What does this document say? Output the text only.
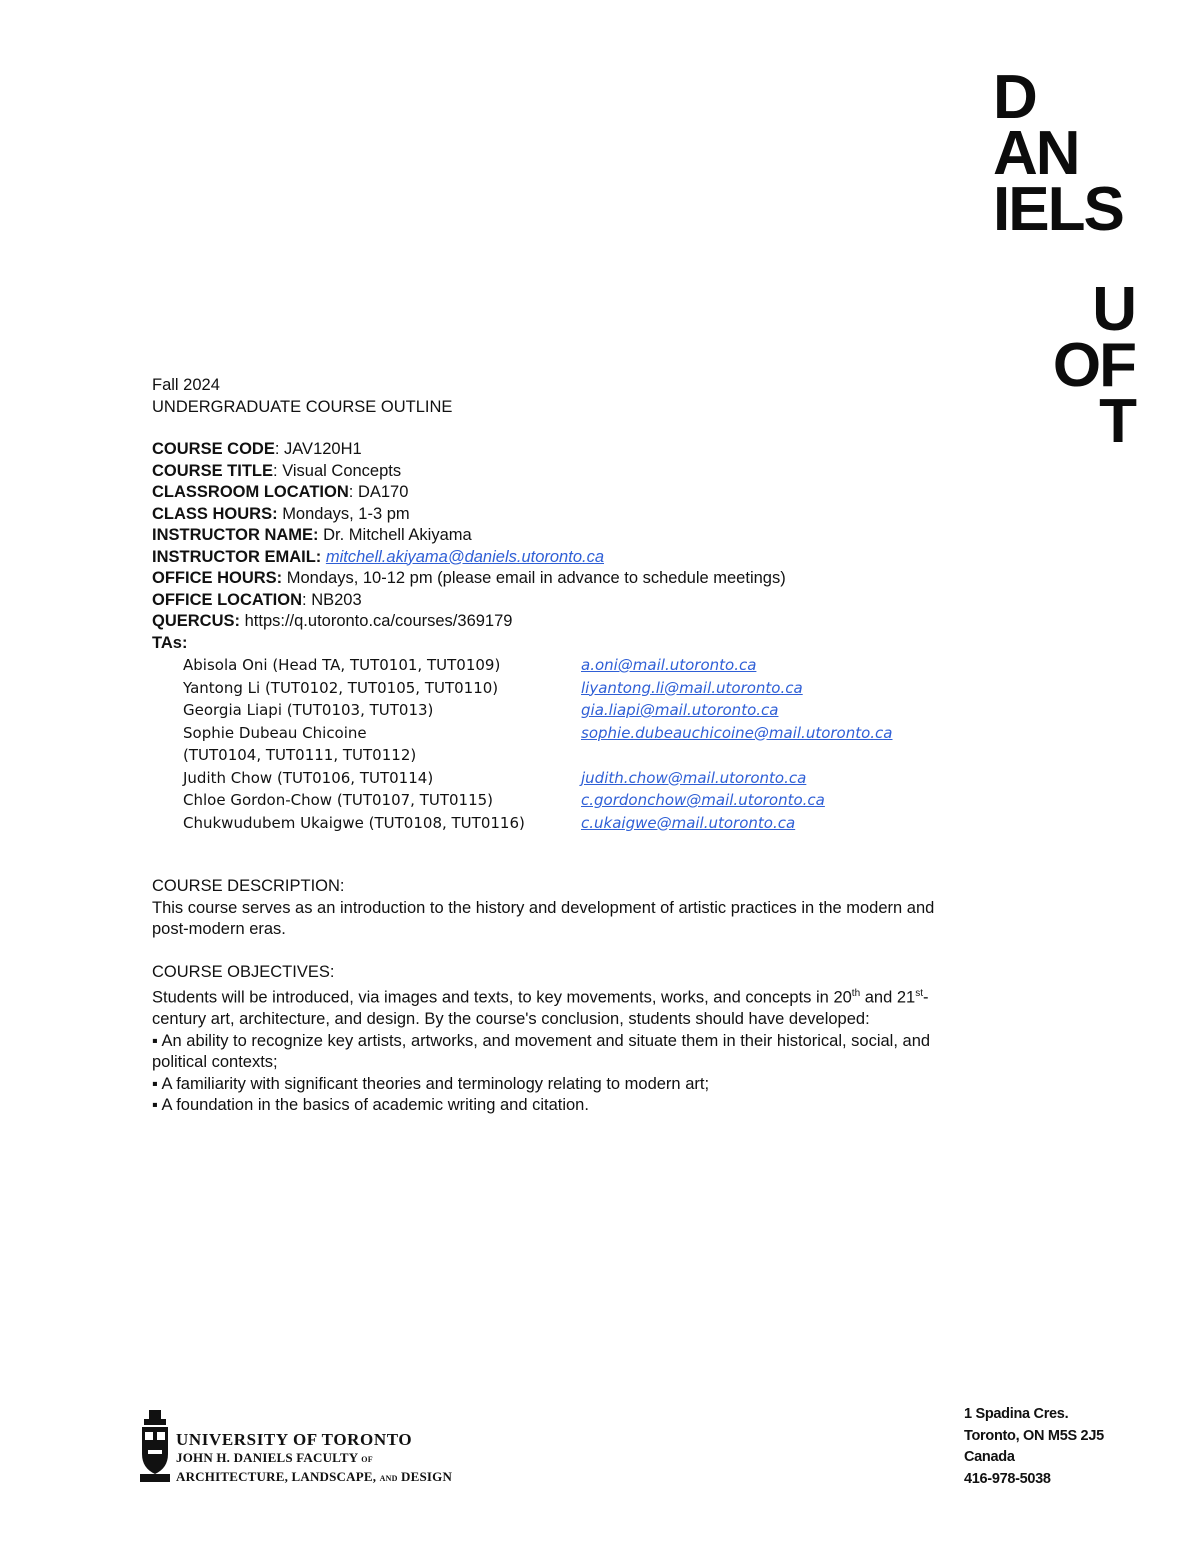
D
AN
IELS
U
OF
T
Fall 2024
UNDERGRADUATE COURSE OUTLINE
COURSE CODE: JAV120H1
COURSE TITLE: Visual Concepts
CLASSROOM LOCATION: DA170
CLASS HOURS: Mondays, 1-3 pm
INSTRUCTOR NAME: Dr. Mitchell Akiyama
INSTRUCTOR EMAIL: mitchell.akiyama@daniels.utoronto.ca
OFFICE HOURS: Mondays, 10-12 pm (please email in advance to schedule meetings)
OFFICE LOCATION: NB203
QUERCUS: https://q.utoronto.ca/courses/369179
TAs:
Abisola Oni (Head TA, TUT0101, TUT0109)	a.oni@mail.utoronto.ca
Yantong Li (TUT0102, TUT0105, TUT0110)	liyantong.li@mail.utoronto.ca
Georgia Liapi (TUT0103, TUT013)	gia.liapi@mail.utoronto.ca
Sophie Dubeau Chicoine	sophie.dubeauchicoine@mail.utoronto.ca
(TUT0104, TUT0111, TUT0112)
Judith Chow (TUT0106, TUT0114)	judith.chow@mail.utoronto.ca
Chloe Gordon-Chow (TUT0107, TUT0115)	c.gordonchow@mail.utoronto.ca
Chukwudubem Ukaigwe (TUT0108, TUT0116)	c.ukaigwe@mail.utoronto.ca
COURSE DESCRIPTION:
This course serves as an introduction to the history and development of artistic practices in the modern and post-modern eras.
COURSE OBJECTIVES:
Students will be introduced, via images and texts, to key movements, works, and concepts in 20th and 21st-century art, architecture, and design. By the course's conclusion, students should have developed:
▪ An ability to recognize key artists, artworks, and movement and situate them in their historical, social, and political contexts;
▪ A familiarity with significant theories and terminology relating to modern art;
▪ A foundation in the basics of academic writing and citation.
UNIVERSITY OF TORONTO
JOHN H. DANIELS FACULTY OF
ARCHITECTURE, LANDSCAPE, AND DESIGN
1 Spadina Cres.
Toronto, ON M5S 2J5
Canada
416-978-5038
